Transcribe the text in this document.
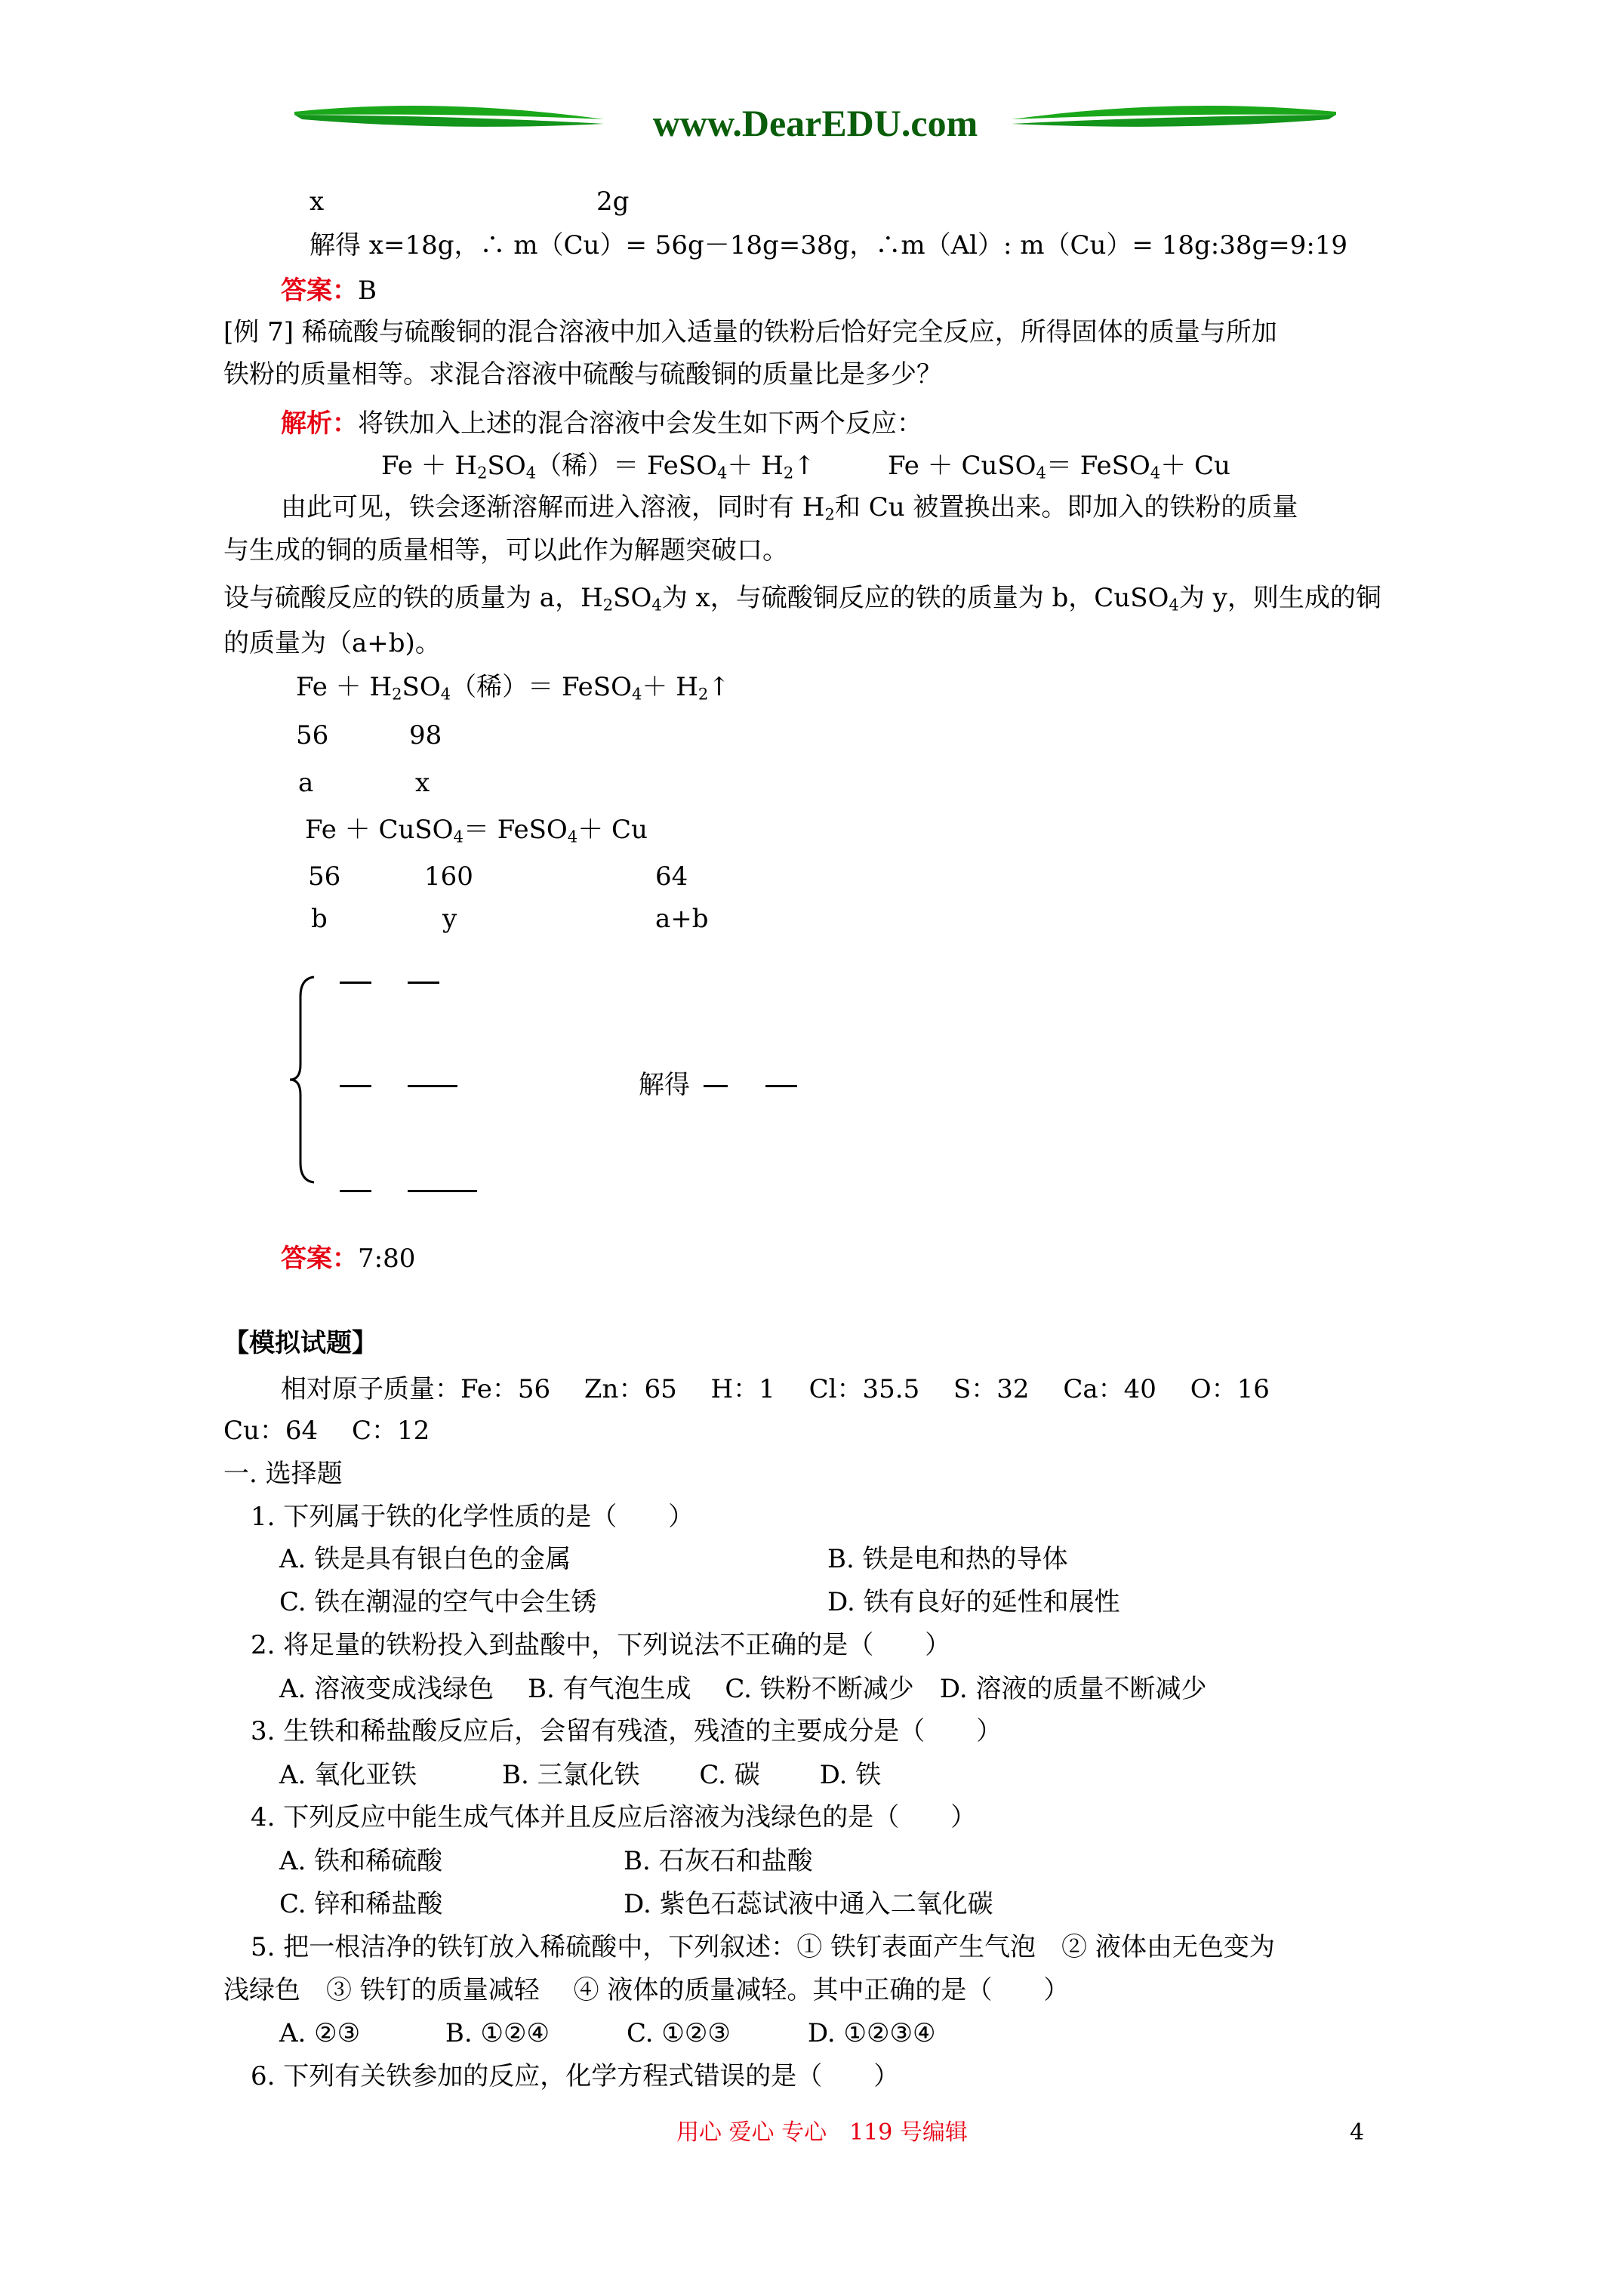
www.DearEDU.com
x	2g
解得 x=18g，∴ m（Cu）= 56g－18g=38g，∴m（Al）: m（Cu）= 18g:38g=9:19
答案：B
[例 7] 稀硫酸与硫酸铜的混合溶液中加入适量的铁粉后恰好完全反应，所得固体的质量与所加
铁粉的质量相等。求混合溶液中硫酸与硫酸铜的质量比是多少？
解析：将铁加入上述的混合溶液中会发生如下两个反应：
$Fe + H_2SO_4$（稀）＝ FeSO$_4$＋ $H_2↑$	Fe ＋ CuSO$_4$＝ FeSO$_4$＋ Cu
由此可见，铁会逐渐溶解而进入溶液，同时有 $H_2$和 Cu 被置换出来。即加入的铁粉的质量
与生成的铜的质量相等，可以此作为解题突破口。
设与硫酸反应的铁的质量为 a，$H_2SO_4$为 x，与硫酸铜反应的铁的质量为 b，CuSO$_4$为 y，则生成的铜
的质量为（a+b)。
$Fe + H_2SO_4$（稀）＝ FeSO$_4$＋ $H_2↑$
56	98
a	x
Fe ＋ CuSO$_4$＝ FeSO$_4$＋ Cu
56	160	64
b	y	a+b
解得
答案：7:80
【模拟试题】
相对原子质量：Fe：56　 Zn：65　 H：1　 Cl：35.5　 S：32　 Ca：40　 O：16
Cu：64　 C：12
一. 选择题
1. 下列属于铁的化学性质的是（　　）
A. 铁是具有银白色的金属	B. 铁是电和热的导体
C. 铁在潮湿的空气中会生锈	D. 铁有良好的延性和展性
2. 将足量的铁粉投入到盐酸中，下列说法不正确的是（　　）
A. 溶液变成浅绿色　 B. 有气泡生成　 C. 铁粉不断减少　D. 溶液的质量不断减少
3. 生铁和稀盐酸反应后，会留有残渣，残渣的主要成分是（　　）
A. 氧化亚铁　　　 B. 三氯化铁　　 C. 碳　　 D. 铁
4. 下列反应中能生成气体并且反应后溶液为浅绿色的是（　　）
A. 铁和稀硫酸	B. 石灰石和盐酸
C. 锌和稀盐酸	D. 紫色石蕊试液中通入二氧化碳
5. 把一根洁净的铁钉放入稀硫酸中，下列叙述：① 铁钉表面产生气泡　② 液体由无色变为
浅绿色　③ 铁钉的质量减轻　 ④ 液体的质量减轻。其中正确的是（　　）
A. ②③　　　 B. ①②④　　　C. ①②③　　　D. ①②③④
6. 下列有关铁参加的反应，化学方程式错误的是（　　）
用心 爱心 专心　119 号编辑	4
